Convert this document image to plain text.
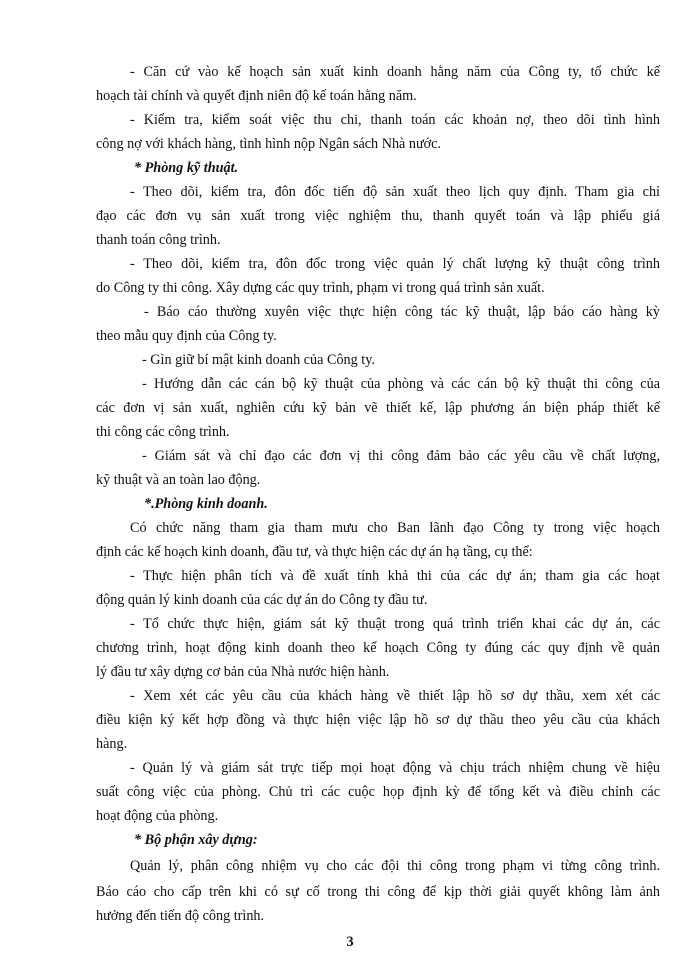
- Căn cứ vào kế hoạch sản xuất kinh doanh hằng năm của Công ty, tổ chức kế
hoạch tài chính và quyết định niên độ kế toán hằng năm.
- Kiểm tra, kiểm soát việc thu chi, thanh toán các khoản nợ, theo dõi tình hình
công nợ với khách hàng, tình hình nộp Ngân sách Nhà nước.
* Phòng kỹ thuật.
- Theo dõi, kiểm tra, đôn đốc tiến độ sản xuất theo lịch quy định. Tham gia chỉ
đạo các đơn vụ sản xuất trong việc nghiệm thu, thanh quyết toán và lập phiếu giá
thanh toán công trình.
- Theo dõi, kiểm tra, đôn đốc trong việc quản lý chất lượng kỹ thuật công trình
do Công ty thi công. Xây dựng các quy trình, phạm vi trong quá trình sản xuất.
- Báo cáo thường xuyên việc thực hiện công tác kỹ thuật, lập báo cáo hàng kỳ
theo mẫu quy định của Công ty.
- Gìn giữ bí mật kinh doanh của Công ty.
- Hướng dẫn các cán bộ kỹ thuật của phòng và các cán bộ kỹ thuật thi công của
các đơn vị sản xuất, nghiên cứu kỹ bản vẽ thiết kế, lập phương án biện pháp thiết kế
thi công các công trình.
- Giám sát và chỉ đạo các đơn vị thi công đảm bảo các yêu cầu về chất lượng,
kỹ thuật và an toàn lao động.
*.Phòng kinh doanh.
Có chức năng tham gia tham mưu cho Ban lãnh đạo Công ty trong việc hoạch
định các kế hoạch kinh doanh, đầu tư, và thực hiện các dự án hạ tầng, cụ thể:
- Thực hiện phân tích và đề xuất tính khả thi của các dự án; tham gia các hoạt
động quản lý kinh doanh của các dự án do Công ty đầu tư.
- Tổ chức thực hiện, giám sát kỹ thuật trong quá trình triển khai các dự án, các
chương trình, hoạt động kinh doanh theo kế hoạch Công ty đúng các quy định về quản
lý đầu tư xây dựng cơ bản của Nhà nước hiện hành.
- Xem xét các yêu cầu của khách hàng về thiết lập hồ sơ dự thầu, xem xét các
điều kiện ký kết hợp đồng và thực hiện việc lập hồ sơ dự thầu theo yêu cầu của khách
hàng.
- Quản lý và giám sát trực tiếp mọi hoạt động và chịu trách nhiệm chung về hiệu
suất công việc của phòng. Chủ trì các cuộc họp định kỳ để tổng kết và điều chỉnh các
hoạt động của phòng.
* Bộ phận xây dựng:
Quản lý, phân công nhiệm vụ cho các đội thi công trong phạm vi từng công trình.
Báo cáo cho cấp trên khi có sự cố trong thi công để kịp thời giải quyết không làm ảnh
hưởng đến tiến độ công trình.
3
